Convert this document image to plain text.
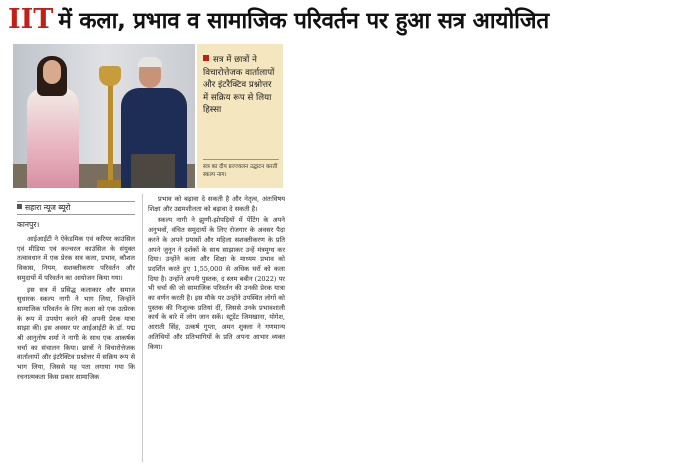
IIT में कला, प्रभाव व सामाजिक परिवर्तन पर हुआ सत्र आयोजित
सत्र में छात्रों ने विचारोत्तेजक वार्तालापों और इंटरैक्टिव प्रश्नोत्तर में सक्रिय रूप से लिया हिस्सा
सत्र का दीप प्रज्ज्वलन उद्घाटन करतीं स्कल्प नाग।
सहारा न्यूज ब्यूरो
कानपुर।

आईआईटी ने ऐकेडमिक एवं करियर काउंसिल एवं मीडिया एवं कल्चरल काउंसिल के संयुक्त तत्वावधान में एक प्रेरक सत्र कला, प्रभाव, कौशल विकास, नियम, सशक्तीकरण परिवर्तन और समुदायों में परिवर्तन का आयोजन किया गया।

इस सत्र में प्रसिद्ध कलाकार और समाज सुधारक स्कल्प नागी ने भाग लिया, जिन्होंने सामाजिक परिवर्तन के लिए कला को एक उत्प्रेरक के रूप में उपयोग करने की अपनी प्रेरक यात्रा साझा की। इस अवसर पर आईआईटी के डॉ. पद्म श्री आनुतोष शर्मा ने नागी के साथ एक आकर्षक चर्चा का संचालन किया। छात्रों ने विचारोत्तेजक वार्तालापों और इंटरैक्टिव प्रश्नोत्तर में सक्रिय रूप से भाग लिया, जिससे यह पता लगाया गया कि रचनात्मकता किस प्रकार सामाजिक

प्रभाव को बढ़ावा दे सकती है और नेतृत्व, अंतःविषय शिक्षा और उद्यमशीलता को बढ़ावा दे सकती है।

स्कल्प नागी ने झुग्गी-झोपड़ियों में पेंटिंग के अपने अनुभवों, वंचित समुदायों के लिए रोजगार के अवसर पैदा करने के अपने प्रयासों और महिला सशक्तीकरण के प्रति अपने जुनून ने दर्शकों के साथ साझाकर उन्हें मंत्रमुग्ध कर दिया। उन्होंने कला और शिक्षा के माध्यम प्रभाव को प्रदर्शित करते हुए 1,55,000 से अधिक घरों को कला दिया है। उन्होंने अपनी पुस्तक, द स्लम बबीन (2022) पर भी चर्चा की जो सामाजिक परिवर्तन की उनकी प्रेरक यात्रा का वर्णन करती है। इस मौके पर उन्होंने उपस्थित लोगों को पुस्तक की निःशुल्क प्रतियां दीं, जिससे उनके प्रभावशाली कार्य के बारे में लोग जान सकें। स्टूडेंट जिमखाना, योगेश, आराती सिंह, उत्कर्ष गुप्ता, अमन शुक्ला ने गणमान्य अतिथियों और प्रतिभागियों के प्रति अपना आभार व्यक्त किया।
